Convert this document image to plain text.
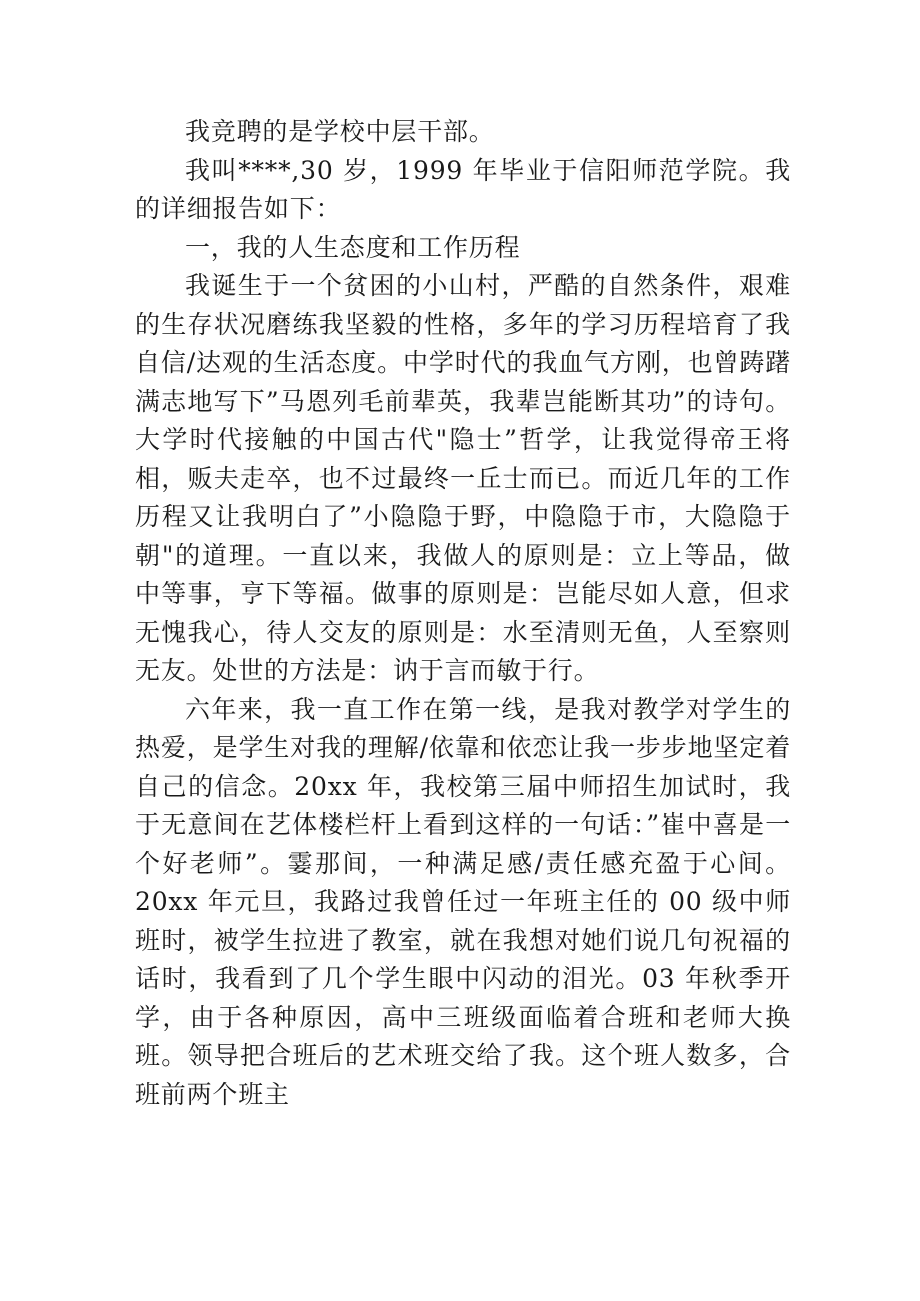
我竞聘的是学校中层干部。

我叫****,30 岁，1999 年毕业于信阳师范学院。我的详细报告如下：

一，我的人生态度和工作历程

我诞生于一个贫困的小山村，严酷的自然条件，艰难的生存状况磨练我坚毅的性格，多年的学习历程培育了我自信/达观的生活态度。中学时代的我血气方刚，也曾踌躇满志地写下”马恩列毛前辈英，我辈岂能断其功”的诗句。大学时代接触的中国古代"隐士”哲学，让我觉得帝王将相，贩夫走卒，也不过最终一丘士而已。而近几年的工作历程又让我明白了”小隐隐于野，中隐隐于市，大隐隐于朝"的道理。一直以来，我做人的原则是：立上等品，做中等事，亨下等福。做事的原则是：岂能尽如人意，但求无愧我心，待人交友的原则是：水至清则无鱼，人至察则无友。处世的方法是：讷于言而敏于行。

六年来，我一直工作在第一线，是我对教学对学生的热爱，是学生对我的理解/依靠和依恋让我一步步地坚定着自己的信念。20xx 年，我校第三届中师招生加试时，我于无意间在艺体楼栏杆上看到这样的一句话：”崔中喜是一个好老师”。霎那间，一种满足感/责任感充盈于心间。20xx 年元旦，我路过我曾任过一年班主任的 00 级中师班时，被学生拉进了教室，就在我想对她们说几句祝福的话时，我看到了几个学生眼中闪动的泪光。03 年秋季开学，由于各种原因，高中三班级面临着合班和老师大换班。领导把合班后的艺术班交给了我。这个班人数多，合班前两个班主
